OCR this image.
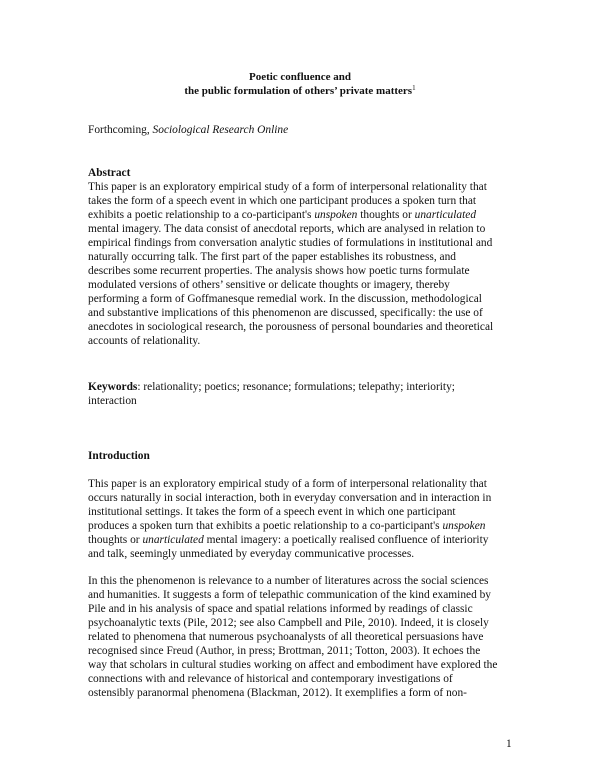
Poetic confluence and
the public formulation of others’ private matters$^1$
Forthcoming, Sociological Research Online
Abstract
This paper is an exploratory empirical study of a form of interpersonal relationality that
takes the form of a speech event in which one participant produces a spoken turn that
exhibits a poetic relationship to a co-participant's unspoken thoughts or unarticulated
mental imagery. The data consist of anecdotal reports, which are analysed in relation to
empirical findings from conversation analytic studies of formulations in institutional and
naturally occurring talk. The first part of the paper establishes its robustness, and
describes some recurrent properties. The analysis shows how poetic turns formulate
modulated versions of others’ sensitive or delicate thoughts or imagery, thereby
performing a form of Goffmanesque remedial work. In the discussion, methodological
and substantive implications of this phenomenon are discussed, specifically: the use of
anecdotes in sociological research, the porousness of personal boundaries and theoretical
accounts of relationality.
Keywords: relationality; poetics; resonance; formulations; telepathy; interiority;
interaction
Introduction
This paper is an exploratory empirical study of a form of interpersonal relationality that
occurs naturally in social interaction, both in everyday conversation and in interaction in
institutional settings. It takes the form of a speech event in which one participant
produces a spoken turn that exhibits a poetic relationship to a co-participant's unspoken
thoughts or unarticulated mental imagery: a poetically realised confluence of interiority
and talk, seemingly unmediated by everyday communicative processes.
In this the phenomenon is relevance to a number of literatures across the social sciences
and humanities. It suggests a form of telepathic communication of the kind examined by
Pile and in his analysis of space and spatial relations informed by readings of classic
psychoanalytic texts (Pile, 2012; see also Campbell and Pile, 2010). Indeed, it is closely
related to phenomena that numerous psychoanalysts of all theoretical persuasions have
recognised since Freud (Author, in press; Brottman, 2011; Totton, 2003). It echoes the
way that scholars in cultural studies working on affect and embodiment have explored the
connections with and relevance of historical and contemporary investigations of
ostensibly paranormal phenomena (Blackman, 2012). It exemplifies a form of non-
1
